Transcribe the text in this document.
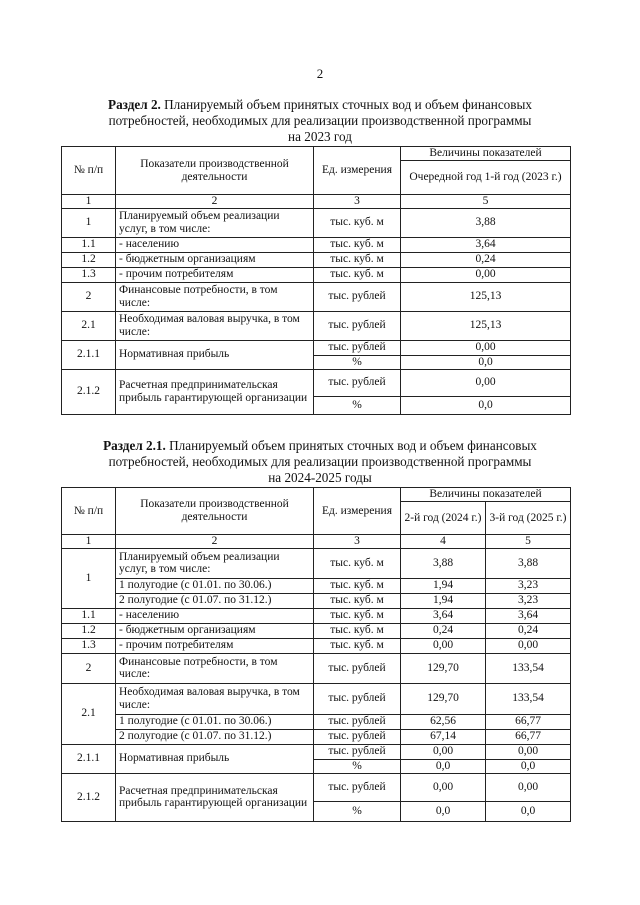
2
Раздел 2. Планируемый объем принятых сточных вод и объем финансовых
потребностей, необходимых для реализации производственной программы
на 2023 год
№ п/п	Показатели производственной деятельности	Ед. измерения	Величины показателей
			Очередной год 1-й год (2023 г.)
1	2	3	5
1	Планируемый объем реализации услуг, в том числе:	тыс. куб. м	3,88
1.1	- населению	тыс. куб. м	3,64
1.2	- бюджетным организациям	тыс. куб. м	0,24
1.3	- прочим потребителям	тыс. куб. м	0,00
2	Финансовые потребности, в том числе:	тыс. рублей	125,13
2.1	Необходимая валовая выручка, в том числе:	тыс. рублей	125,13
2.1.1	Нормативная прибыль	тыс. рублей	0,00
		%	0,0
2.1.2	Расчетная предпринимательская прибыль гарантирующей организации	тыс. рублей	0,00
		%	0,0
Раздел 2.1. Планируемый объем принятых сточных вод и объем финансовых
потребностей, необходимых для реализации производственной программы
на 2024-2025 годы
№ п/п	Показатели производственной деятельности	Ед. измерения	Величины показателей	
			2-й год (2024 г.)	3-й год (2025 г.)
1	2	3	4	5
1	Планируемый объем реализации услуг, в том числе:	тыс. куб. м	3,88	3,88
	1 полугодие (с 01.01. по 30.06.)	тыс. куб. м	1,94	3,23
	2 полугодие (с 01.07. по 31.12.)	тыс. куб. м	1,94	3,23
1.1	- населению	тыс. куб. м	3,64	3,64
1.2	- бюджетным организациям	тыс. куб. м	0,24	0,24
1.3	- прочим потребителям	тыс. куб. м	0,00	0,00
2	Финансовые потребности, в том числе:	тыс. рублей	129,70	133,54
2.1	Необходимая валовая выручка, в том числе:	тыс. рублей	129,70	133,54
	1 полугодие (с 01.01. по 30.06.)	тыс. рублей	62,56	66,77
	2 полугодие (с 01.07. по 31.12.)	тыс. рублей	67,14	66,77
2.1.1	Нормативная прибыль	тыс. рублей	0,00	0,00
		%	0,0	0,0
2.1.2	Расчетная предпринимательская прибыль гарантирующей организации	тыс. рублей	0,00	0,00
		%	0,0	0,0
